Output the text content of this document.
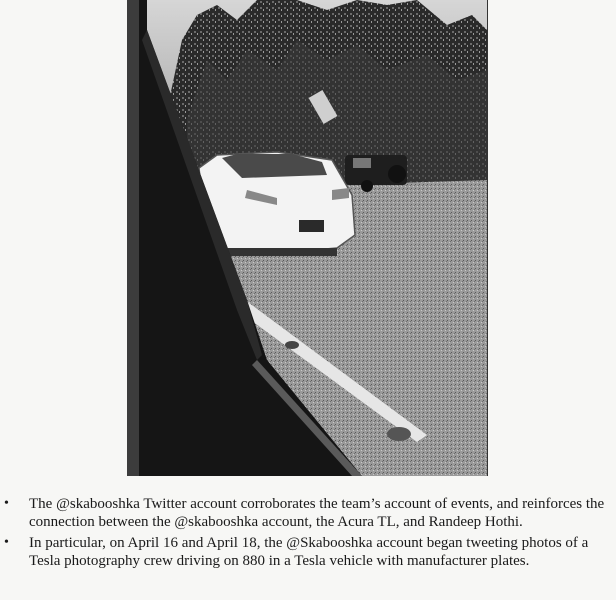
• The @skabooshka Twitter account corroborates the team’s account of events, and reinforces the connection between the @skabooshka account, the Acura TL, and Randeep Hothi.
• In particular, on April 16 and April 18, the @Skabooshka account began tweeting photos of a Tesla photography crew driving on 880 in a Tesla vehicle with manufacturer plates.
